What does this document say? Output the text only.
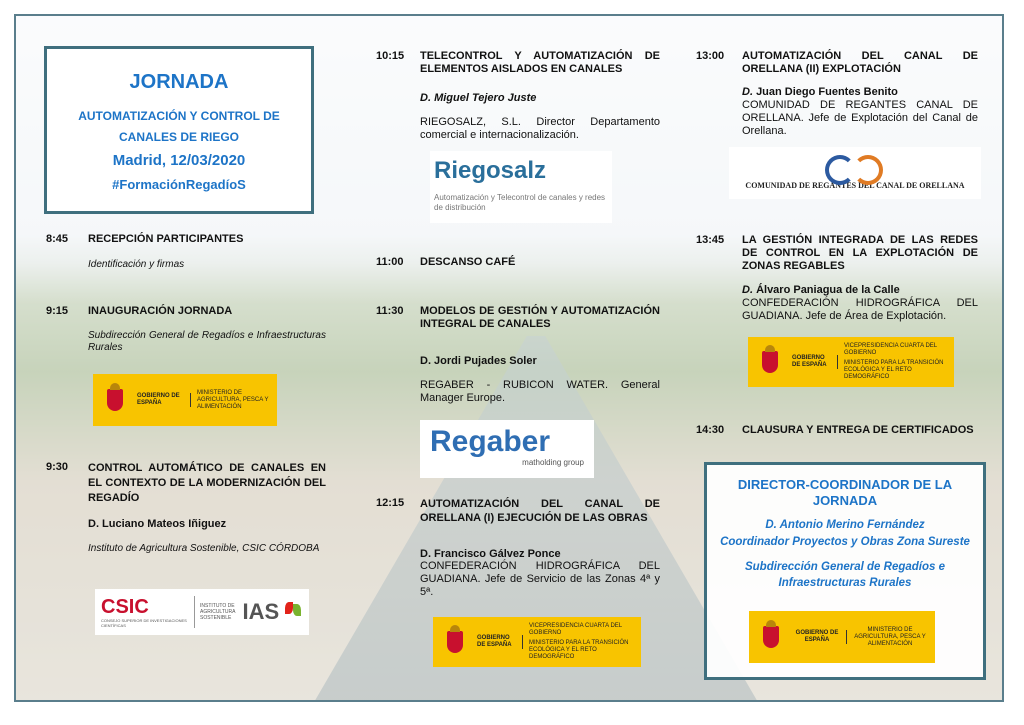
JORNADA
AUTOMATIZACIÓN Y CONTROL DE CANALES DE RIEGO
Madrid, 12/03/2020
#FormaciónRegadíoS
8:45 RECEPCIÓN PARTICIPANTES
Identificación y firmas
9:15 INAUGURACIÓN JORNADA
Subdirección General de Regadíos e Infraestructuras Rurales
GOBIERNO DE ESPAÑA
MINISTERIO DE AGRICULTURA, PESCA Y ALIMENTACIÓN
9:30 CONTROL AUTOMÁTICO DE CANALES EN EL CONTEXTO DE LA MODERNIZACIÓN DEL REGADÍO
D. Luciano Mateos Iñiguez
Instituto de Agricultura Sostenible, CSIC CÓRDOBA
CSIC
CONSEJO SUPERIOR DE INVESTIGACIONES CIENTÍFICAS
INSTITUTO DE AGRICULTURA SOSTENIBLE IAS
10:15 TELECONTROL Y AUTOMATIZACIÓN DE ELEMENTOS AISLADOS EN CANALES
D. Miguel Tejero Juste
RIEGOSALZ, S.L. Director Departamento comercial e internacionalización.
Riegosalz
Automatización y Telecontrol de canales y redes de distribución
11:00 DESCANSO CAFÉ
11:30 MODELOS DE GESTIÓN Y AUTOMATIZACIÓN INTEGRAL DE CANALES
D. Jordi Pujades Soler
REGABER - RUBICON WATER. General Manager Europe.
Regaber
matholding group
12:15 AUTOMATIZACIÓN DEL CANAL DE ORELLANA (I) EJECUCIÓN DE LAS OBRAS
D. Francisco Gálvez Ponce
CONFEDERACIÓN HIDROGRÁFICA DEL GUADIANA. Jefe de Servicio de las Zonas 4ª y 5ª.
GOBIERNO DE ESPAÑA
VICEPRESIDENCIA CUARTA DEL GOBIERNO
MINISTERIO PARA LA TRANSICIÓN ECOLÓGICA Y EL RETO DEMOGRÁFICO
13:00 AUTOMATIZACIÓN DEL CANAL DE ORELLANA (II) EXPLOTACIÓN
D. Juan Diego Fuentes Benito
COMUNIDAD DE REGANTES CANAL DE ORELLANA. Jefe de Explotación del Canal de Orellana.
COMUNIDAD DE REGANTES DEL CANAL DE ORELLANA
13:45 LA GESTIÓN INTEGRADA DE LAS REDES DE CONTROL EN LA EXPLOTACIÓN DE ZONAS REGABLES
D. Álvaro Paniagua de la Calle
CONFEDERACIÓN HIDROGRÁFICA DEL GUADIANA. Jefe de Área de Explotación.
GOBIERNO DE ESPAÑA
VICEPRESIDENCIA CUARTA DEL GOBIERNO
MINISTERIO PARA LA TRANSICIÓN ECOLÓGICA Y EL RETO DEMOGRÁFICO
14:30 CLAUSURA Y ENTREGA DE CERTIFICADOS
DIRECTOR-COORDINADOR DE LA JORNADA
D. Antonio Merino Fernández
Coordinador Proyectos y Obras Zona Sureste
Subdirección General de Regadíos e Infraestructuras Rurales
GOBIERNO DE ESPAÑA
MINISTERIO DE AGRICULTURA, PESCA Y ALIMENTACIÓN
